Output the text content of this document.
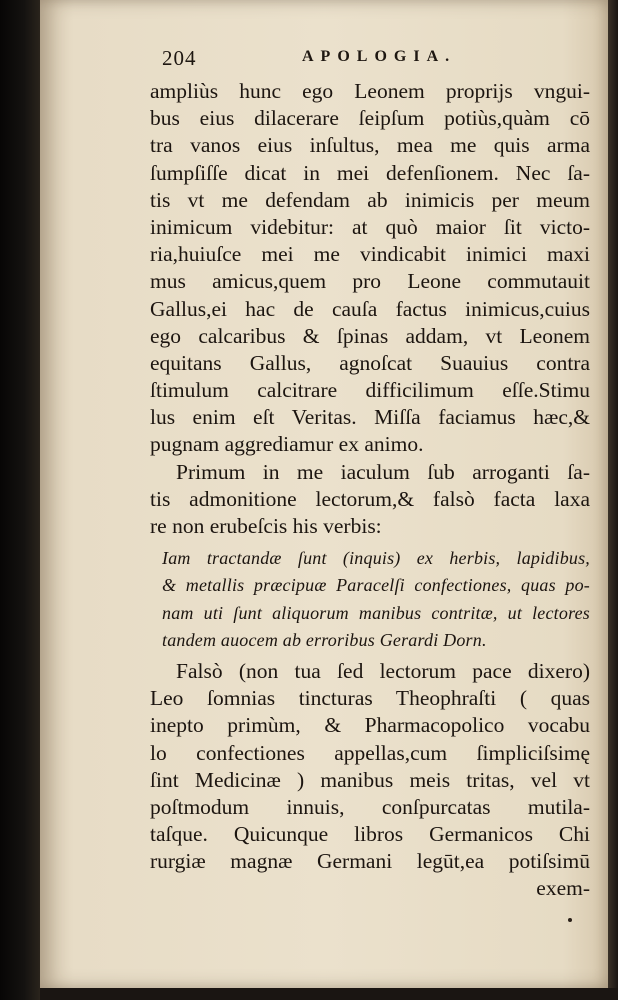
204	APOLOGIA.
ampliùs hunc ego Leonem proprijs vngui-
bus eius dilacerare ſeipſum potiùs,quàm cō
tra vanos eius inſultus, mea me quis arma
ſumpſiſſe dicat in mei defenſionem. Nec ſa-
tis vt me defendam ab inimicis per meum
inimicum videbitur: at quò maior ſit victo-
ria,huiuſce mei me vindicabit inimici maxi
mus amicus,quem pro Leone commutauit
Gallus,ei hac de cauſa factus inimicus,cuius
ego calcaribus & ſpinas addam, vt Leonem
equitans Gallus, agnoſcat Suauius contra
ſtimulum calcitrare difficilimum eſſe.Stimu
lus enim eſt Veritas. Miſſa faciamus hæc,&
pugnam aggrediamur ex animo.
Primum in me iaculum ſub arroganti ſa-
tis admonitione lectorum,& falsò facta laxa
re non erubeſcis his verbis:
Iam tractandæ ſunt (inquis) ex herbis, lapidibus,
& metallis præcipuæ Paracelſi confectiones, quas po-
nam uti ſunt aliquorum manibus contritæ, ut lectores
tandem auocem ab erroribus Gerardi Dorn.
Falsò (non tua ſed lectorum pace dixero)
Leo ſomnias tincturas Theophraſti ( quas
inepto primùm, & Pharmacopolico vocabu
lo confectiones appellas,cum ſimpliciſsimę
ſint Medicinæ ) manibus meis tritas, vel vt
poſtmodum innuis, conſpurcatas mutila-
taſque. Quicunque libros Germanicos Chi
rurgiæ magnæ Germani legūt,ea potiſsimū
exem-
